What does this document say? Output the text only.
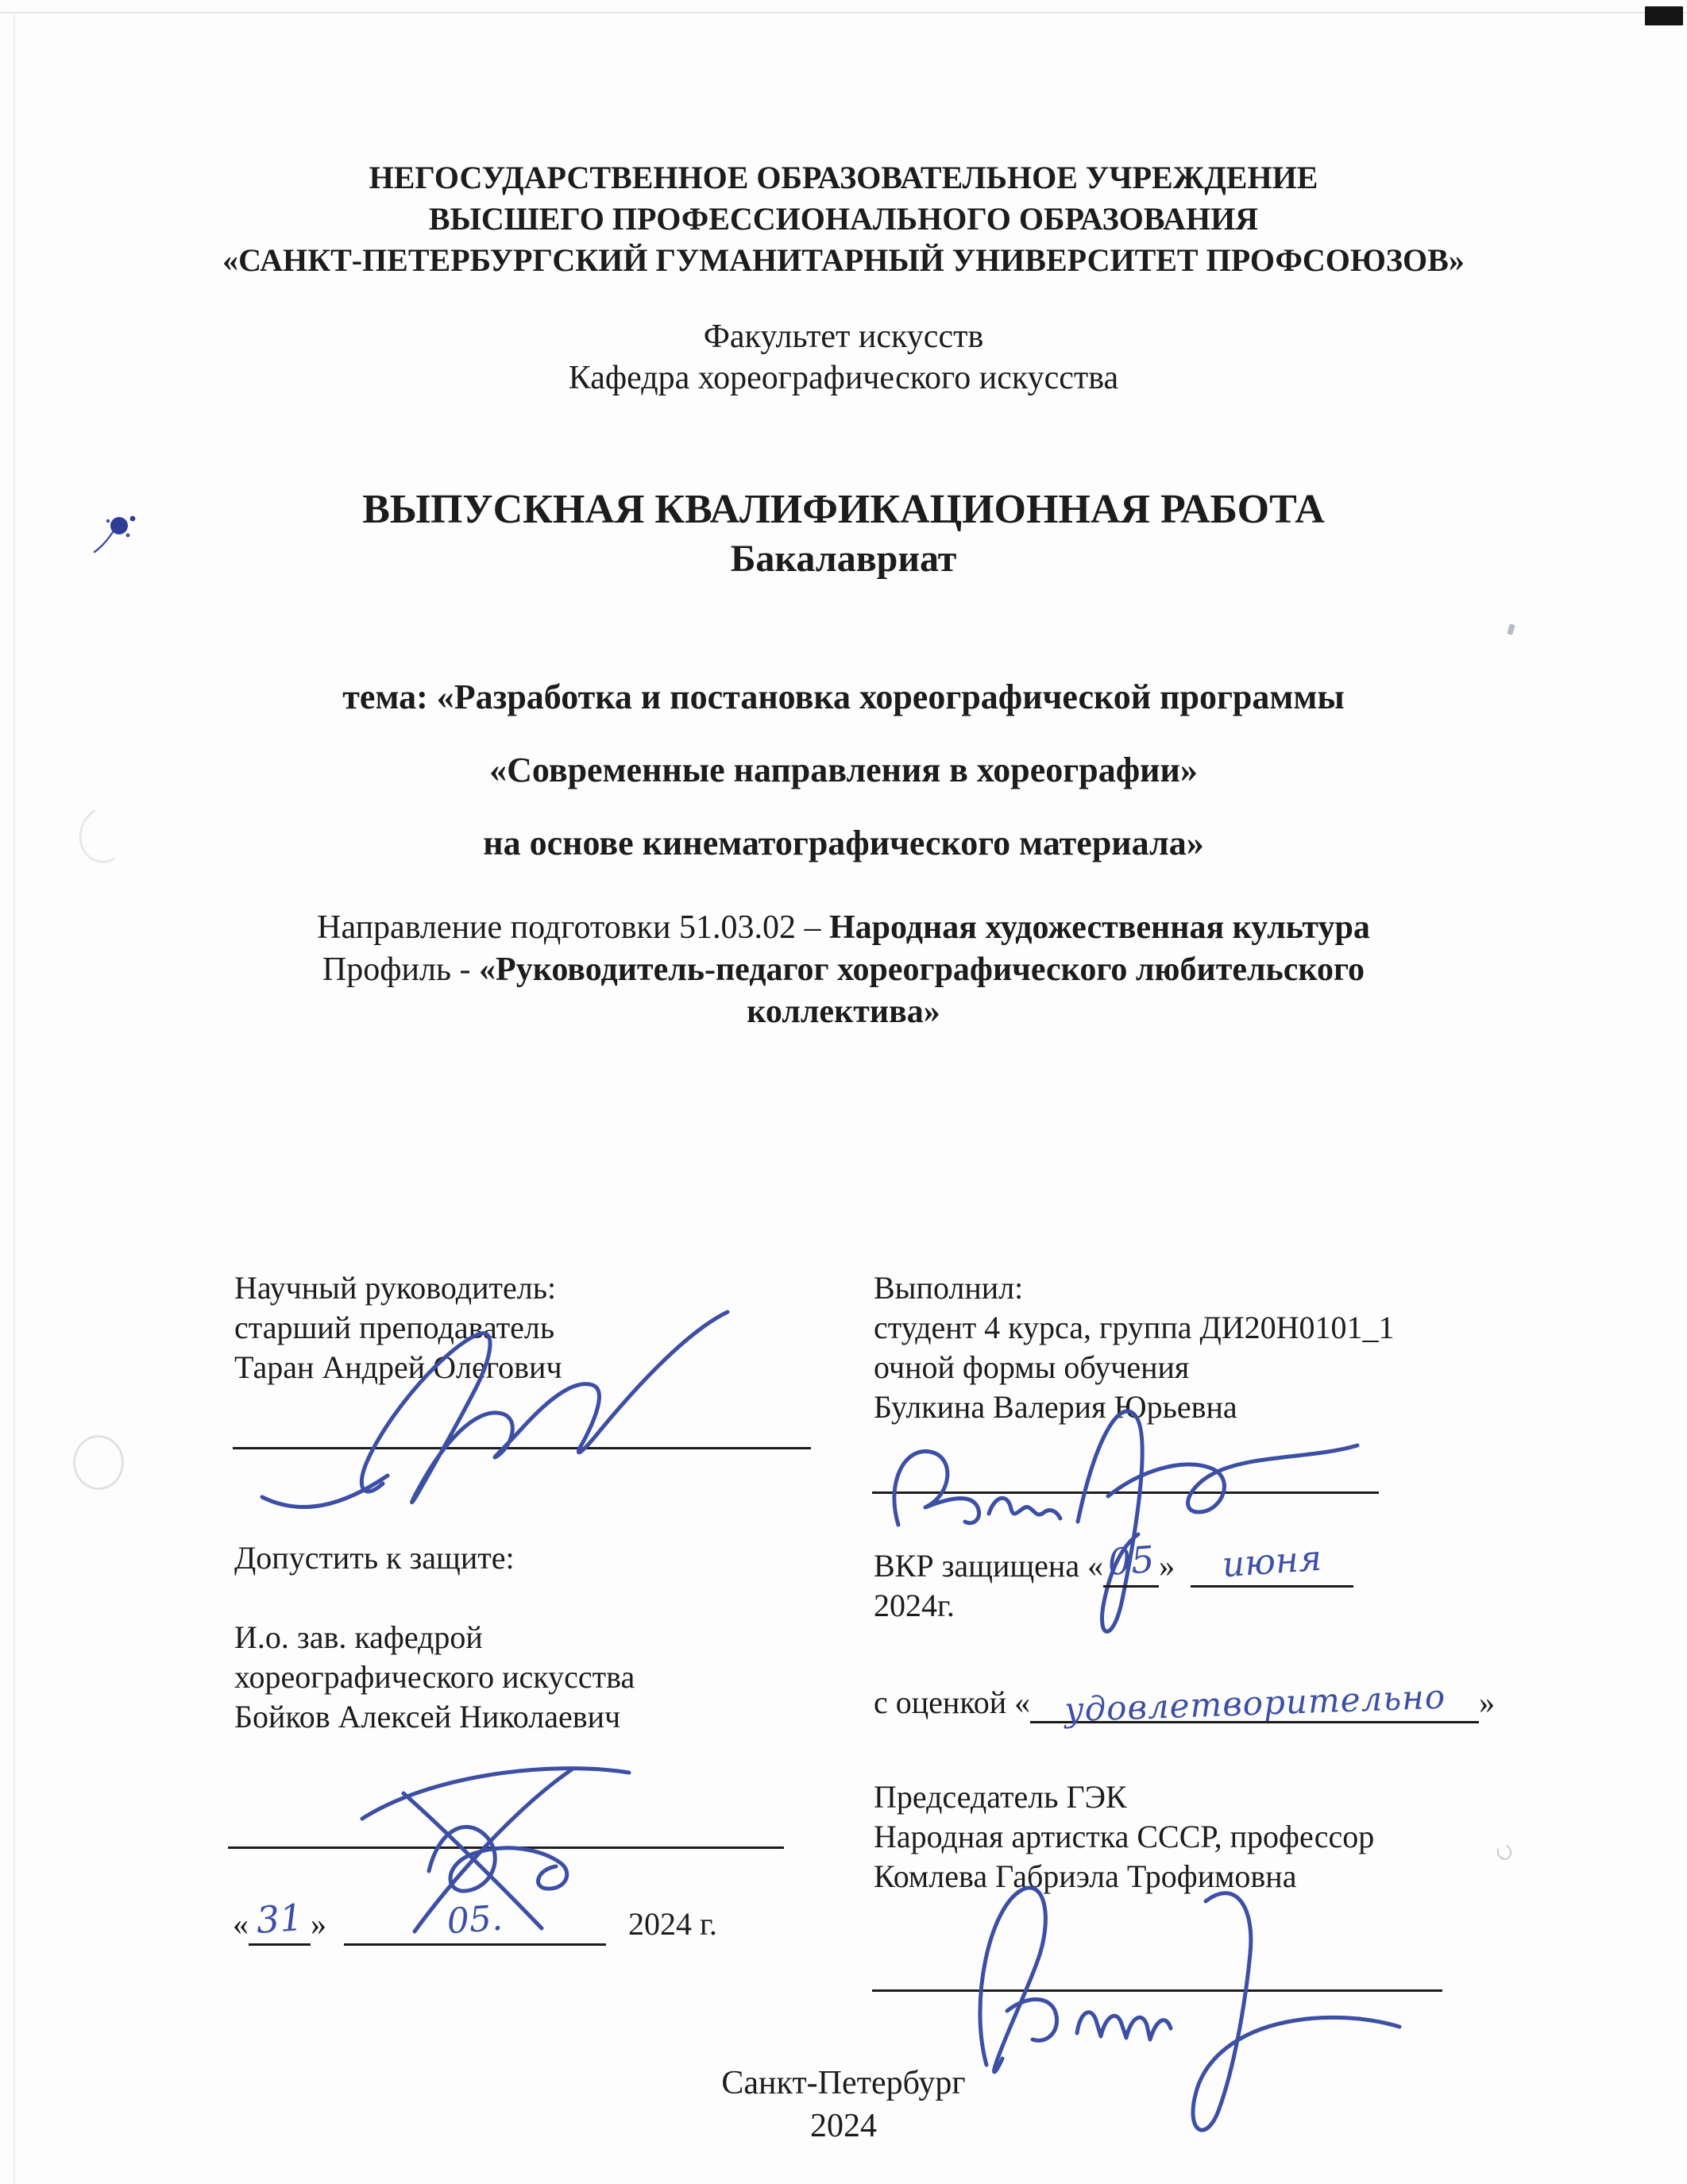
НЕГОСУДАРСТВЕННОЕ ОБРАЗОВАТЕЛЬНОЕ УЧРЕЖДЕНИЕ
ВЫСШЕГО ПРОФЕССИОНАЛЬНОГО ОБРАЗОВАНИЯ
«САНКТ-ПЕТЕРБУРГСКИЙ ГУМАНИТАРНЫЙ УНИВЕРСИТЕТ ПРОФСОЮЗОВ»
Факультет искусств
Кафедра хореографического искусства
ВЫПУСКНАЯ КВАЛИФИКАЦИОННАЯ РАБОТА
Бакалавриат
тема: «Разработка и постановка хореографической программы
«Современные направления в хореографии»
на основе кинематографического материала»
Направление подготовки 51.03.02 – Народная художественная культура
Профиль - «Руководитель-педагог хореографического любительского
коллектива»
Научный руководитель:
старший преподаватель
Таран Андрей Олегович
Допустить к защите:
И.о. зав. кафедрой
хореографического искусства
Бойков Алексей Николаевич
« 31 »	05.	2024 г.
Выполнил:
студент 4 курса, группа ДИ20Н0101_1
очной формы обучения
Булкина Валерия Юрьевна
ВКР защищена «05 » июня
2024г.
с оценкой « удовлетворительно »
Председатель ГЭК
Народная артистка СССР, профессор
Комлева Габриэла Трофимовна
Санкт-Петербург
2024
